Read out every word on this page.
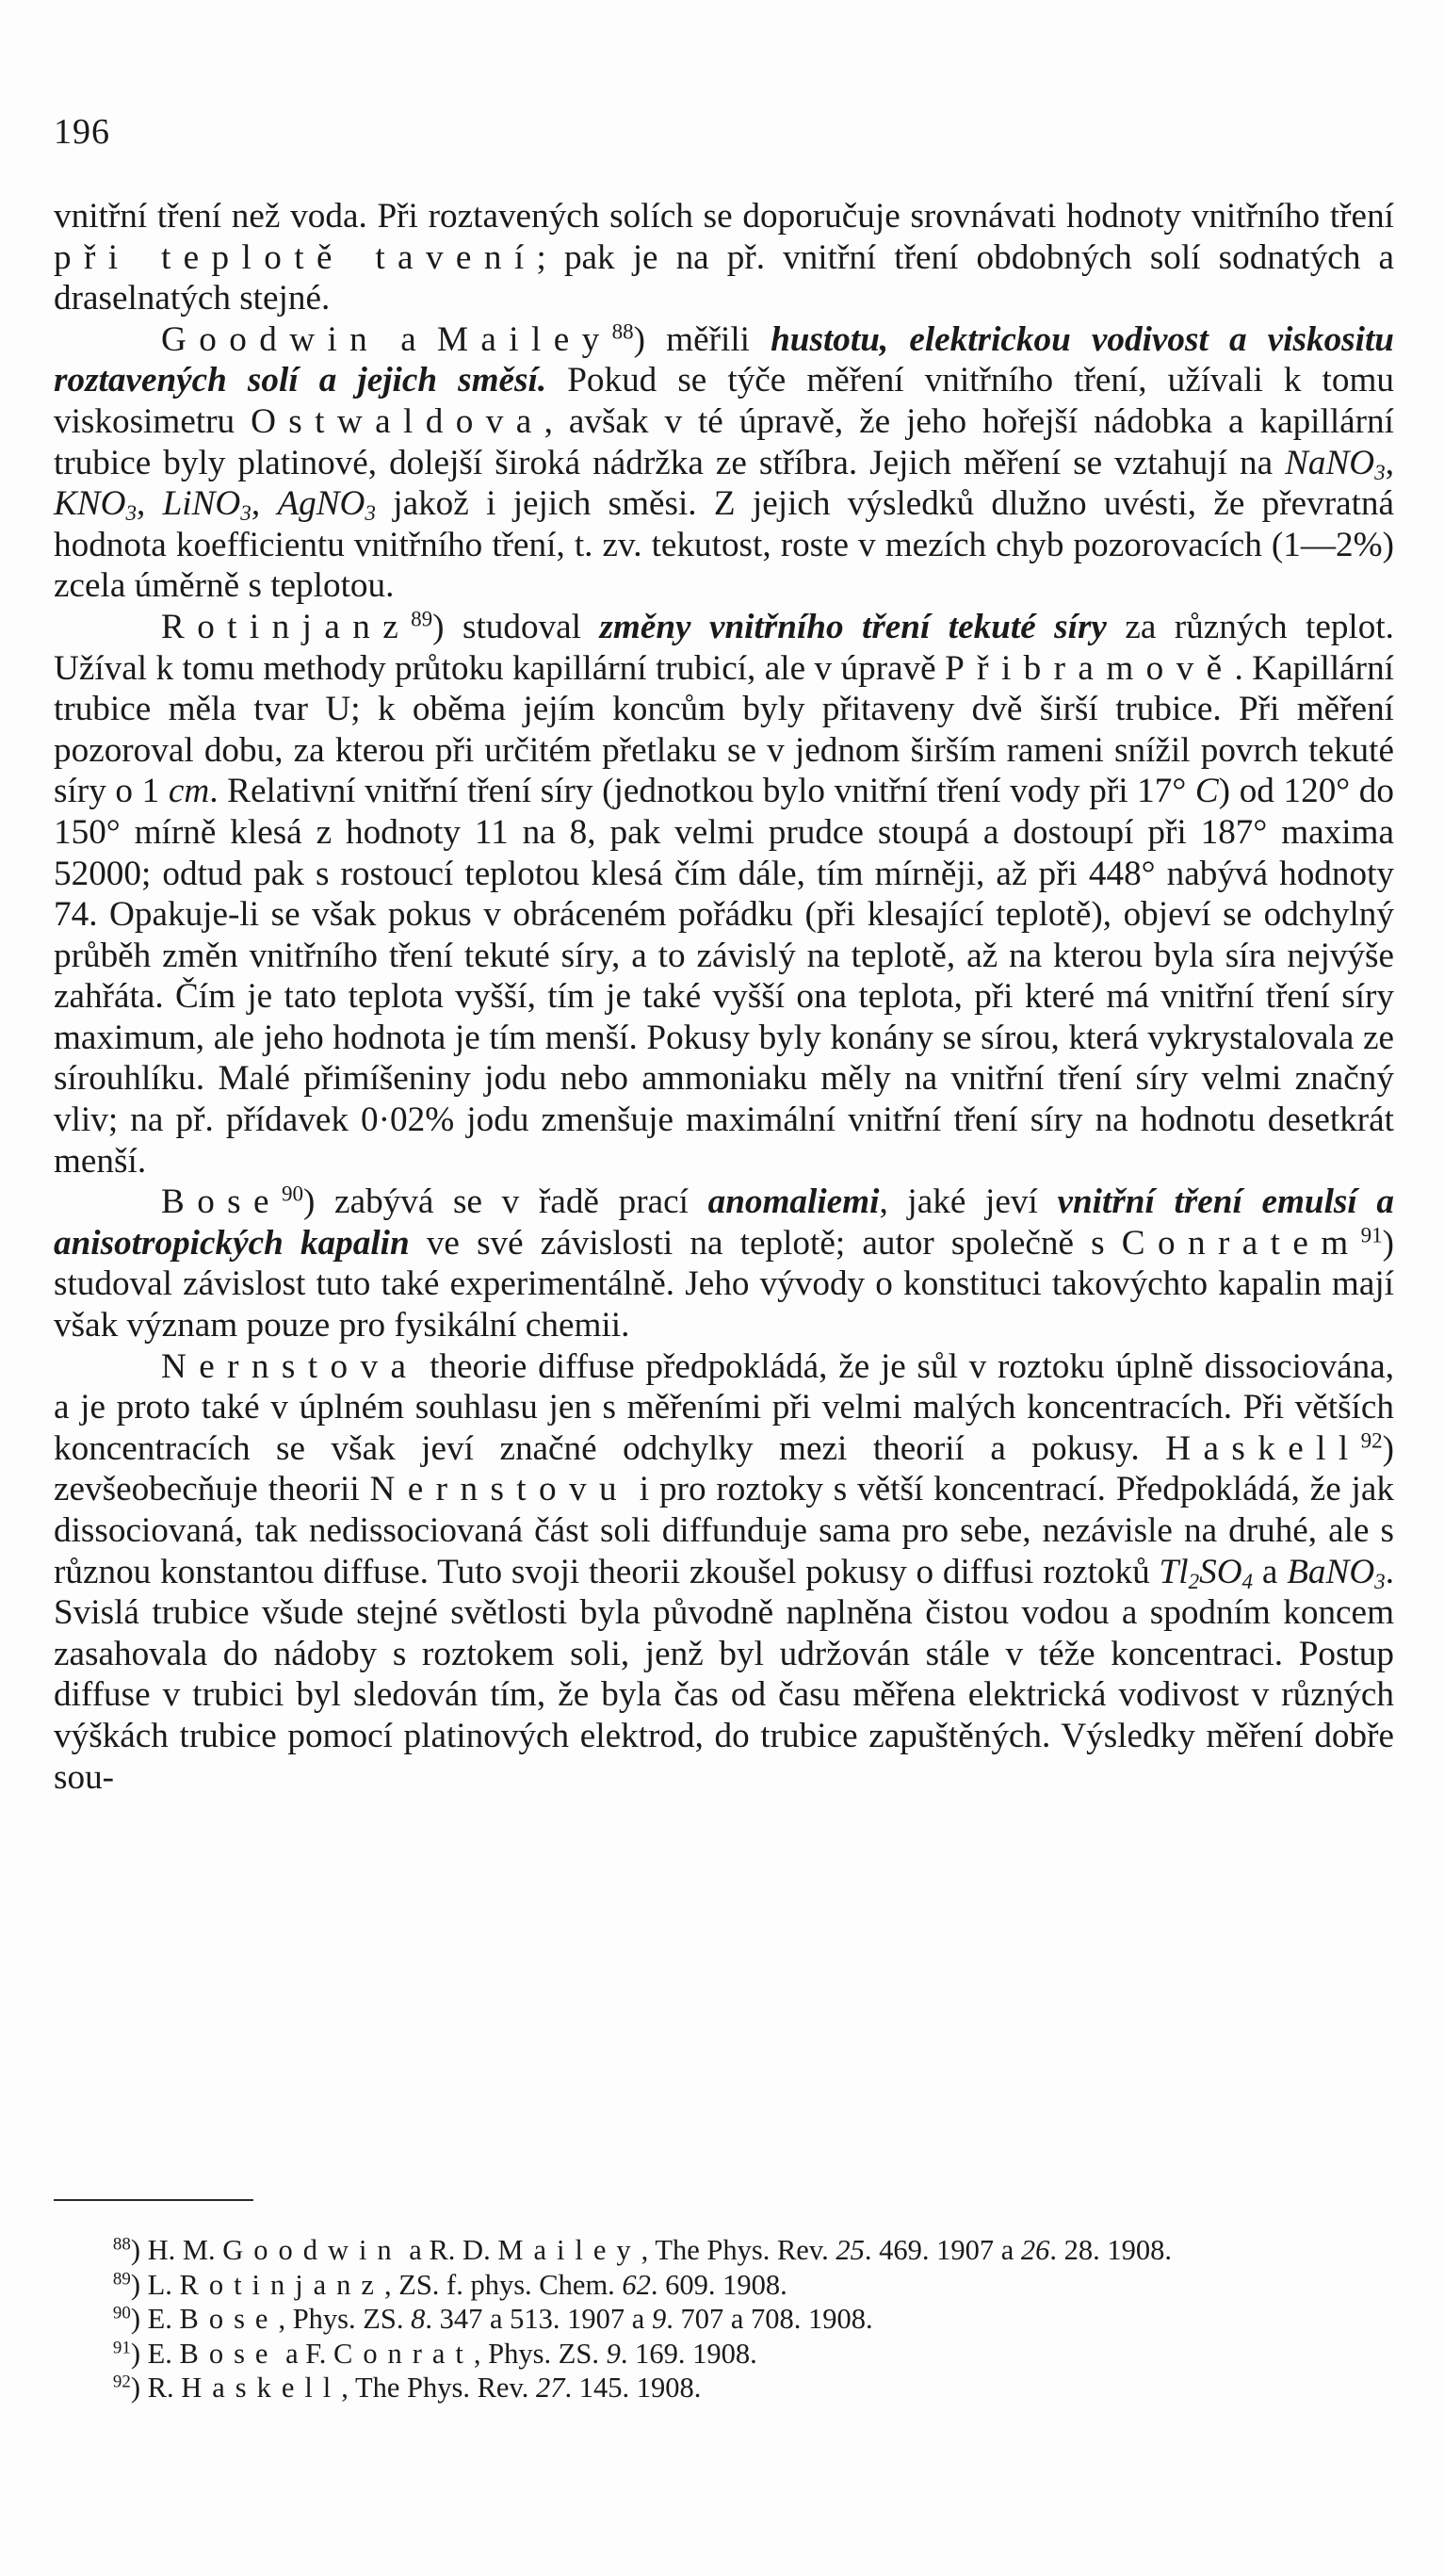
196

vnitřní tření než voda. Při roztavených solích se doporučuje srovnávati hodnoty vnitřního tření při teplotě tavení; pak je na př. vnitřní tření obdobných solí sodnatých a draselnatých stejné.

Goodwin a Mailey$^{88}$) měřili hustotu, elektrickou vodivost a viskositu roztavených solí a jejich směsí. Pokud se týče měření vnitřního tření, užívali k tomu viskosimetru Ostwaldova, avšak v té úpravě, že jeho hořejší nádobka a kapillární trubice byly platinové, dolejší široká nádržka ze stříbra. Jejich měření se vztahují na NaNO$_3$, $KNO_3$, LiNO$_3$, AgNO$_3$ jakož i jejich směsi. Z jejich výsledků dlužno uvésti, že převratná hodnota koefficientu vnitřního tření, t. zv. tekutost, roste v mezích chyb pozorovacích (1—2%) zcela úměrně s teplotou.

Rotinjanz$^{89}$) studoval změny vnitřního tření tekuté síry za různých teplot. Užíval k tomu methody průtoku kapillární trubicí, ale v úpravě Přibramově. Kapillární trubice měla tvar U; k oběma jejím koncům byly přitaveny dvě širší trubice. Při měření pozoroval dobu, za kterou při určitém přetlaku se v jednom širším rameni snížil povrch tekuté síry o 1 cm. Relativní vnitřní tření síry (jednotkou bylo vnitřní tření vody při 17° C) od 120° do 150° mírně klesá z hodnoty 11 na 8, pak velmi prudce stoupá a dostoupí při 187° maxima 52000; odtud pak s rostoucí teplotou klesá čím dále, tím mírněji, až při 448° nabývá hodnoty 74. Opakuje-li se však pokus v obráceném pořádku (při klesající teplotě), objeví se odchylný průběh změn vnitřního tření tekuté síry, a to závislý na teplotě, až na kterou byla síra nejvýše zahřáta. Čím je tato teplota vyšší, tím je také vyšší ona teplota, při které má vnitřní tření síry maximum, ale jeho hodnota je tím menší. Pokusy byly konány se sírou, která vykrystalovala ze sírouhlíku. Malé přimíšeniny jodu nebo ammoniaku měly na vnitřní tření síry velmi značný vliv; na př. přídavek 0·02% jodu zmenšuje maximální vnitřní tření síry na hodnotu desetkrát menší.

Bose$^{90}$) zabývá se v řadě prací anomaliemi, jaké jeví vnitřní tření emulsí a anisotropických kapalin ve své závislosti na teplotě; autor společně s Conratem$^{91}$) studoval závislost tuto také experimentálně. Jeho vývody o konstituci takovýchto kapalin mají však význam pouze pro fysikální chemii.

Nernstova theorie diffuse předpokládá, že je sůl v roztoku úplně dissociována, a je proto také v úplném souhlasu jen s měřeními při velmi malých koncentracích. Při větších koncentracích se však jeví značné odchylky mezi theorií a pokusy. Haskell$^{92}$) zevšeobecňuje theorii Nernstovu i pro roztoky s větší koncentrací. Předpokládá, že jak dissociovaná, tak nedissociovaná část soli diffunduje sama pro sebe, nezávisle na druhé, ale s různou konstantou diffuse. Tuto svoji theorii zkoušel pokusy o diffusi roztoků $Tl_2SO_4$ a BaNO$_3$. Svislá trubice všude stejné světlosti byla původně naplněna čistou vodou a spodním koncem zasahovala do nádoby s roztokem soli, jenž byl udržován stále v téže koncentraci. Postup diffuse v trubici byl sledován tím, že byla čas od času měřena elektrická vodivost v různých výškách trubice pomocí platinových elektrod, do trubice zapuštěných. Výsledky měření dobře sou-

$^{88}$) H. M. Goodwin a R. D. Mailey, The Phys. Rev. 25. 469. 1907 a 26. 28. 1908.

$^{89}$) L. Rotinjanz, ZS. f. phys. Chem. 62. 609. 1908.

$^{90}$) E. Bose, Phys. ZS. 8. 347 a 513. 1907 a 9. 707 a 708. 1908.

$^{91}$) E. Bose a F. Conrat, Phys. ZS. 9. 169. 1908.

$^{92}$) R. Haskell, The Phys. Rev. 27. 145. 1908.
